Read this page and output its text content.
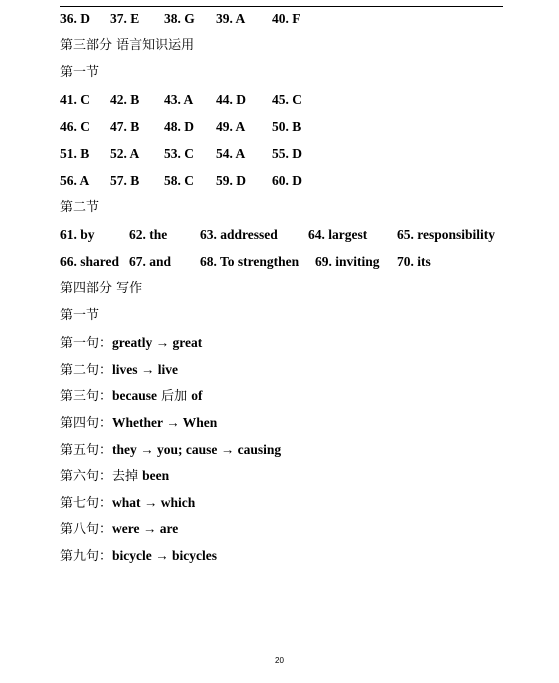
36. D 37. E 38. G 39. A 40. F
第三部分 语言知识运用
第一节
41. C 42. B 43. A 44. D 45. C
46. C 47. B 48. D 49. A 50. B
51. B 52. A 53. C 54. A 55. D
56. A 57. B 58. C 59. D 60. D
第二节
61. by	62. the 63. addressed 64. largest 65. responsibility
66. shared 67. and 68. To strengthen 69. inviting 70. its
第四部分 写作
第一节
第一句：greatly → great
第二句：lives → live
第三句：because 后加 of
第四句：Whether → When
第五句：they → you; cause → causing
第六句：去掉 been
第七句：what → which
第八句：were → are
第九句：bicycle → bicycles
20
